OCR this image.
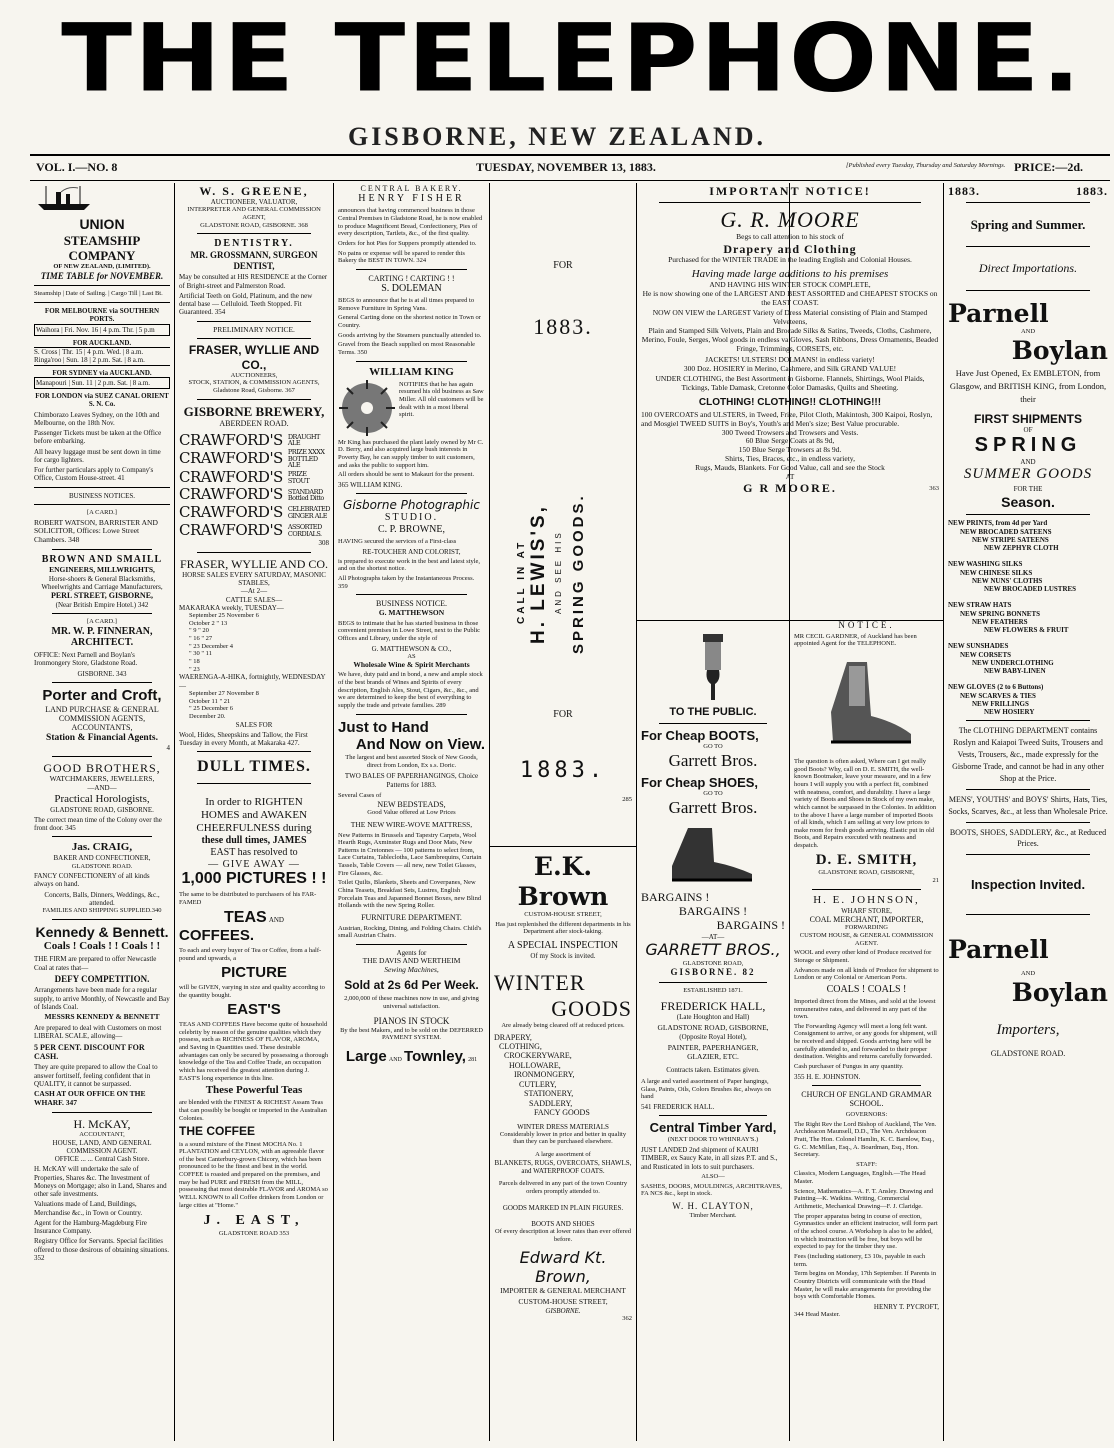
THE TELEPHONE.
GISBORNE, NEW ZEALAND.
VOL. I.—NO. 8	TUESDAY, NOVEMBER 13, 1883.	[Published every Tuesday, Thursday and Saturday Mornings. PRICE:—2d.
UNION
STEAMSHIP COMPANY
OF NEW ZEALAND, (LIMITED).
TIME TABLE for NOVEMBER.
Steamship | Date of Sailing. | Cargo Till | Last Bt.
FOR MELBOURNE via SOUTHERN PORTS.
Waihora | Fri. Nov. 16 | 4 p.m. Thr. | 5 p.m
FOR AUCKLAND.
S. Cross | Thr. 15 | 4 p.m. Wed. | 8 a.m.
Ringa'roo | Sun. 18 | 2 p.m. Sat. | 8 a.m.
FOR SYDNEY via AUCKLAND.
Manapouri | Sun. 11 | 2 p.m. Sat. | 8 a.m.
FOR LONDON via SUEZ CANAL ORIENT S. N. Co.

Chimborazo Leaves Sydney, on the 10th and Melbourne, on the 18th Nov.

Passenger Tickets must be taken at the Office before embarking.

All heavy luggage must be sent down in time for cargo lighters.

For further particulars apply to Company's Office, Custom House-street. 41

BUSINESS NOTICES.
[A CARD.]

ROBERT WATSON, BARRISTER AND SOLICITOR, Offices: Lowe Street Chambers. 348

BROWN AND SMAILL
ENGINEERS, MILLWRIGHTS,
Horse-shoers & General Blacksmiths, Wheelwrights and Carriage Manufacturers,
PERL STREET, GISBORNE,
(Near British Empire Hotel.) 342
[A CARD.]
MR. W. P. FINNERAN, ARCHITECT.

OFFICE: Next Parnell and Boylan's Ironmongery Store, Gladstone Road.

GISBORNE. 343
Porter and Croft,
LAND PURCHASE & GENERAL COMMISSION AGENTS,
ACCOUNTANTS,
Station & Financial Agents.
4
GOOD BROTHERS,
WATCHMAKERS, JEWELLERS,
—AND—
Practical Horologists,
GLADSTONE ROAD, GISBORNE.

The correct mean time of the Colony over the front door. 345

Jas. CRAIG,
BAKER AND CONFECTIONER,
GLADSTONE ROAD.

FANCY CONFECTIONERY of all kinds always on hand.

Concerts, Balls, Dinners, Weddings, &c., attended.
FAMILIES AND SHIPPING SUPPLIED.340
Kennedy & Bennett.
Coals ! Coals ! ! Coals ! !

THE FIRM are prepared to offer Newcastle Coal at rates that—

DEFY COMPETITION.

Arrangements have been made for a regular supply, to arrive Monthly, of Newcastle and Bay of Islands Coal.

MESSRS KENNEDY & BENNETT

Are prepared to deal with Customers on most LIBERAL SCALE, allowing—

5 PER CENT. DISCOUNT FOR CASH.

They are quite prepared to allow the Coal to answer fortitself, feeling confident that in QUALITY, it cannot be surpassed.

CASH AT OUR OFFICE ON THE WHARF. 347
H. McKAY,
ACCOUNTANT,
HOUSE, LAND, AND GENERAL COMMISSION AGENT.
OFFICE ... ... Central Cash Store.

H. McKAY will undertake the sale of Properties, Shares &c. The Investment of Moneys on Mortgage; also in Land, Shares and other safe investments.

Valuations made of Land, Buildings, Merchandise &c., in Town or Country.

Agent for the Hamburg-Magdeburg Fire Insurance Company.

Registry Office for Servants. Special facilities offered to those desirous of obtaining situations. 352

W. S. GREENE,
AUCTIONEER, VALUATOR,
INTERPRETER AND GENERAL COMMISSION AGENT,
GLADSTONE ROAD, GISBORNE. 368
DENTISTRY.
MR. GROSSMANN, SURGEON DENTIST,

May be consulted at HIS RESIDENCE at the Corner of Bright-street and Palmerston Road.

Artificial Teeth on Gold, Platinum, and the new dental base — Celluloid. Teeth Stopped. Fit Guaranteed. 354

PRELIMINARY NOTICE.
FRASER, WYLLIE AND CO.,
AUCTIONEERS,
STOCK, STATION, & COMMISSION AGENTS,
Gladstone Road, Gisborne. 367
GISBORNE BREWERY,
ABERDEEN ROAD.
CRAWFORD'S DRAUGHT ALE
CRAWFORD'S PRIZE XXXX BOTTLED ALE
CRAWFORD'S PRIZE STOUT
CRAWFORD'S STANDARD Bottled Ditto
CRAWFORD'S CELEBRATED GINGER ALE
CRAWFORD'S ASSORTED CORDIALS.
308
FRASER, WYLLIE AND CO.
HORSE SALES EVERY SATURDAY, MASONIC STABLES,
—At 2—
CATTLE SALES—
MAKARAKA weekly, TUESDAY—
September 25 November 6
October 2 " 13
" 9 " 20
" 16 " 27
" 23 December 4
" 30 " 11
" 18
" 23
WAERENGA-A-HIKA, fortnightly, WEDNESDAY—
September 27 November 8
October 11 " 21
" 25 December 6
December 20.
SALES FOR

Wool, Hides, Sheepskins and Tallow, the First Tuesday in every Month, at Makaraka 427.

DULL TIMES.
In order to RIGHTEN
HOMES and AWAKEN
CHEERFULNESS during
these dull times, JAMES
EAST has resolved to
— GIVE AWAY —
1,000 PICTURES ! !

The same to be distributed to purchasers of his FAR-FAMED

TEAS AND
COFFEES.

To each and every buyer of Tea or Coffee, from a half-pound and upwards, a

PICTURE

will be GIVEN, varying in size and quality according to the quantity bought.

EAST'S

TEAS AND COFFEES Have become quite of household celebrity by reason of the genuine qualities which they possess, such as RICHNESS OF FLAVOR, AROMA, and Saving in Quantities used. These desirable advantages can only be secured by possessing a thorough knowledge of the Tea and Coffee Trade, an occupation which has received the greatest attention during J. EAST'S long experience in this line.

These Powerful Teas

are blended with the FINEST & RICHEST Assam Teas that can possibly be bought or imported in the Australian Colonies.

THE COFFEE

is a sound mixture of the Finest MOCHA No. 1 PLANTATION and CEYLON, with an agreeable flavor of the best Canterbury-grown Chicory, which has been pronounced to be the finest and best in the world. COFFEE is roasted and prepared on the premises, and may be had PURE and FRESH from the MILL, possessing that most desirable FLAVOR and AROMA so WELL KNOWN to all Coffee drinkers from London or large cities at "Home."

J. EAST,
GLADSTONE ROAD 353
CENTRAL BAKERY.
HENRY FISHER

announces that having commenced business in those Central Premises in Gladstone Road, he is now enabled to produce Magnificent Bread, Confectionery, Pies of every description, Tartlets, &c., of the first quality.

Orders for hot Pies for Suppers promptly attended to.

No pains or expense will be spared to render this Bakery the BEST IN TOWN. 324

CARTING ! CARTING ! !
S. DOLEMAN

BEGS to announce that he is at all times prepared to Remove Furniture in Spring Vans.

General Carting done on the shortest notice in Town or Country.

Goods arriving by the Steamers punctually attended to.

Gravel from the Beach supplied on most Reasonable Terms. 350

WILLIAM KING

NOTIFIES that he has again resumed his old business as Saw Miller. All old customers will be dealt with in a most liberal spirit.

Mr King has purchased the plant lately owned by Mr C. D. Berry, and also acquired large bush interests in Poverty Bay, he can supply timber to suit customers, and asks the public to support him.

All orders should be sent to Makauri for the present.

365 WILLIAM KING.
Gisborne Photographic
STUDIO.
C. P. BROWNE,

HAVING secured the services of a First-class

RE-TOUCHER AND COLORIST,

is prepared to execute work in the best and latest style, and on the shortest notice.

All Photographs taken by the Instantaneous Process. 359

BUSINESS NOTICE.
G. MATTHEWSON

BEGS to intimate that he has started business in those convenient premises in Lowe Street, next to the Public Offices and Library, under the style of

G. MATTHEWSON & CO.,
AS
Wholesale Wine & Spirit Merchants

We have, duty paid and in bond, a new and ample stock of the best brands of Wines and Spirits of every description, English Ales, Stout, Cigars, &c., &c., and we are determined to keep the best of everything to supply the trade and private families. 289

Just to Hand
And Now on View.
The largest and best assorted Stock of New Goods, direct from London, Ex s.s. Doric.
TWO BALES OF PAPERHANGINGS, Choice Patterns for 1883.
Several Cases of
NEW BEDSTEADS,
Good Value offered at Low Prices
THE NEW WIRE-WOVE MATTRESS,

New Patterns in Brussels and Tapestry Carpets, Wool Hearth Rugs, Axminster Rugs and Door Mats, New Patterns in Cretonnes — 100 patterns to select from, Lace Curtains, Tablecloths, Lace Sambrequins, Curtain Tassels, Table Covers — all new, new Toilet Glasses, Fire Glasses, &c.

Toilet Quilts, Blankets, Sheets and Coverpanes, New China Teasets, Breakfast Sets, Lustres, English Porcelain Teas and Japanned Bonnet Boxes, new Blind Hollands with the new Spring Roller.

FURNITURE DEPARTMENT.

Austrian, Rocking, Dining, and Folding Chairs. Child's small Austrian Chairs.

Agents for
THE DAVIS AND WERTHEIM
Sewing Machines,
Sold at 2s 6d Per Week.
2,000,000 of these machines now in use, and giving universal satisfaction.
PIANOS IN STOCK
By the best Makers, and to be sold on the DEFERRED PAYMENT SYSTEM.
Large AND Townley, 281
FOR
1883.
CALL IN AT H. LEWIS'S, AND SEE HIS SPRING GOODS.
FOR
1883.
285
E.K. Brown
CUSTOM-HOUSE STREET,

Has just replenished the different departments in his Department after stock-taking.

A SPECIAL INSPECTION
Of my Stock is invited.
WINTER
GOODS
Are already being cleared off at reduced prices.
DRAPERY,
CLOTHING,
CROCKERYWARE,
HOLLOWARE,
IRONMONGERY,
CUTLERY,
STATIONERY,
SADDLERY,
FANCY GOODS
WINTER DRESS MATERIALS
Considerably lower in price and better in quality than they can be purchased elsewhere.
A large assortment of
BLANKETS, RUGS, OVERCOATS, SHAWLS, and WATERPROOF COATS.
Parcels delivered in any part of the town Country orders promptly attended to.
GOODS MARKED IN PLAIN FIGURES.
BOOTS AND SHOES
Of every description at lower rates than ever offered before.
Edward Kt. Brown,
IMPORTER & GENERAL MERCHANT
CUSTOM-HOUSE STREET,
GISBORNE.
362
IMPORTANT NOTICE!
G. R. MOORE
Begs to call attention to his stock of
Drapery and Clothing
Purchased for the WINTER TRADE in the leading English and Colonial Houses.
Having made large additions to his premises
AND HAVING HIS WINTER STOCK COMPLETE,
He is now showing one of the LARGEST AND BEST ASSORTED and CHEAPEST STOCKS on the EAST COAST.
NOW ON VIEW the LARGEST Variety of Dress Material consisting of Plain and Stamped Velveteens,
Plain and Stamped Silk Velvets, Plain and Brocade Silks & Satins, Tweeds, Cloths, Cashmere, Merino, Foule, Serges, Wool goods in endless va Gloves, Sash Ribbons, Dress Ornaments, Beaded Fringe, Trimmings, CORSETS, etc.
JACKETS! ULSTERS! DOLMANS! in endless variety!
300 Doz. HOSIERY in Merino, Cashmere, and Silk GRAND VALUE!
UNDER CLOTHING, the Best Assortment in Gisborne. Flannels, Shirtings, Wool Plaids, Tickings, Table Damask, Cretonne Color Damasks, Quilts and Sheeting.
CLOTHING! CLOTHING!! CLOTHING!!!
100 OVERCOATS and ULSTERS, in Tweed, Frize, Pilot Cloth, Makintosh, 300 Kaipoi, Roslyn, and Mosgiel TWEED SUITS in Boy's, Youth's and Men's size; Best Value procurable.
300 Tweed Trowsers and Trowsers and Vests.
60 Blue Serge Coats at 8s 9d,
150 Blue Serge Trowsers at 8s 9d.
Shirts, Ties, Braces, etc., in endless variety,
Rugs, Mauds, Blankets. For Good Value, call and see the Stock
AT
G R MOORE.	363
TO THE PUBLIC.
For Cheap BOOTS,
GO TO
Garrett Bros.
For Cheap SHOES,
GO TO
Garrett Bros.
BARGAINS !
BARGAINS !
BARGAINS !
—AT—
GARRETT BROS.,
GLADSTONE ROAD,
GISBORNE. 82
ESTABLISHED 1871.
FREDERICK HALL,
(Late Houghton and Hall)
GLADSTONE ROAD, GISBORNE,
(Opposite Royal Hotel),
PAINTER, PAPERHANGER,
GLAZIER, ETC.
Contracts taken. Estimates given.

A large and varied assortment of Paper hangings, Glass, Paints, Oils, Colors Brushes &c, always on hand

541 FREDERICK HALL.
Central Timber Yard,
(NEXT DOOR TO WHINRAY'S.)

JUST LANDED 2nd shipment of KAURI TIMBER, ex Saucy Kate, in all sizes P.T. and S., and Rusticated in lots to suit purchasers.

ALSO—

SASHES, DOORS, MOULDINGS, ARCHITRAVES, FA NCS &c., kept in stock.

W. H. CLAYTON,
Timber Merchant.
NOTICE.

MR CECIL GARDNER, of Auckland has been appointed Agent for the TELEPHONE.

The question is often asked, Where can I get really good Boots? Why, call on D. E. SMITH, the well-known Bootmaker, leave your measure, and in a few hours I will supply you with a perfect fit, combined with neatness, comfort, and durability. I have a large variety of Boots and Shoes in Stock of my own make, which cannot be surpassed in the Colonies. In addition to the above I have a large number of imported Boots of all kinds, which I am selling at very low prices to make room for fresh goods arriving. Elastic put in old Boots, and Repairs executed with neatness and despatch.

D. E. SMITH,
GLADSTONE ROAD, GISBORNE,
21
H. E. JOHNSON,
WHARF STORE,
COAL MERCHANT, IMPORTER,
FORWARDING
CUSTOM HOUSE, & GENERAL COMMISSION AGENT.

WOOL and every other kind of Produce received for Storage or Shipment.

Advances made on all kinds of Produce for shipment to London or any Colonial or American Ports.

COALS ! COALS !

Imported direct from the Mines, and sold at the lowest remunerative rates, and delivered in any part of the town.

The Forwarding Agency will meet a long felt want. Consignment to arrive, or any goods for shipment, will be received and shipped. Goods arriving here will be carefully attended to, and forwarded to their proper destination. Weights and returns carefully forwarded.

Cash purchaser of Fungus in any quantity.

355 H. E. JOHNSTON.
CHURCH OF ENGLAND GRAMMAR SCHOOL.
GOVERNORS:

The Right Rev the Lord Bishop of Auckland, The Ven. Archdeacon Maunsell, D.D., The Ven. Archdeacon Pratt, The Hon. Colonel Hamlin, K. C. Barnlow, Esq., G. C. McMillan, Esq., A. Boardman, Esq., Hon. Secretary.

STAFF:

Classics, Modern Languages, English.—The Head Master.

Science, Mathematics—A. F. T. Ansley. Drawing and Painting—K. Watkins. Writing, Commercial Arithmetic, Mechanical Drawing—F. J. Claridge.

The proper apparatus being in course of erection, Gymnastics under an efficient instructor, will form part of the school course. A Workshop is also to be added, in which instruction will be free, but boys will be expected to pay for the timber they use.

Fees (including stationery, £3 10s, payable in each term.

Term begins on Monday, 17th September. If Parents in Country Districts will communicate with the Head Master, he will make arrangements for providing the boys with Comfortable Homes.

HENRY T. PYCROFT,
344 Head Master.
1883.	1883.
Spring and Summer.
Direct Importations.
Parnell
AND
Boylan

Have Just Opened, Ex EMBLETON, from Glasgow, and BRITISH KING, from London, their

FIRST SHIPMENTS
OF
SPRING
AND
SUMMER GOODS
FOR THE
Season.
NEW PRINTS, from 4d per Yard
NEW BROCADED SATEENS
NEW STRIPE SATEENS
NEW ZEPHYR CLOTH
NEW WASHING SILKS
NEW CHINESE SILKS
NEW NUNS' CLOTHS
NEW BROCADED LUSTRES
NEW STRAW HATS
NEW SPRING BONNETS
NEW FEATHERS
NEW FLOWERS & FRUIT
NEW SUNSHADES
NEW CORSETS
NEW UNDERCLOTHING
NEW BABY-LINEN
NEW GLOVES (2 to 6 Buttons)
NEW SCARVES & TIES
NEW FRILLINGS
NEW HOSIERY

The CLOTHING DEPARTMENT contains Roslyn and Kaiapoi Tweed Suits, Trousers and Vests, Trousers, &c., made expressly for the Gisborne Trade, and cannot be had in any other Shop at the Price.

MENS', YOUTHS' and BOYS' Shirts, Hats, Ties, Socks, Scarves, &c., at less than Wholesale Price.

BOOTS, SHOES, SADDLERY, &c., at Reduced Prices.

Inspection Invited.
Parnell
AND
Boylan
Importers,
GLADSTONE ROAD.
